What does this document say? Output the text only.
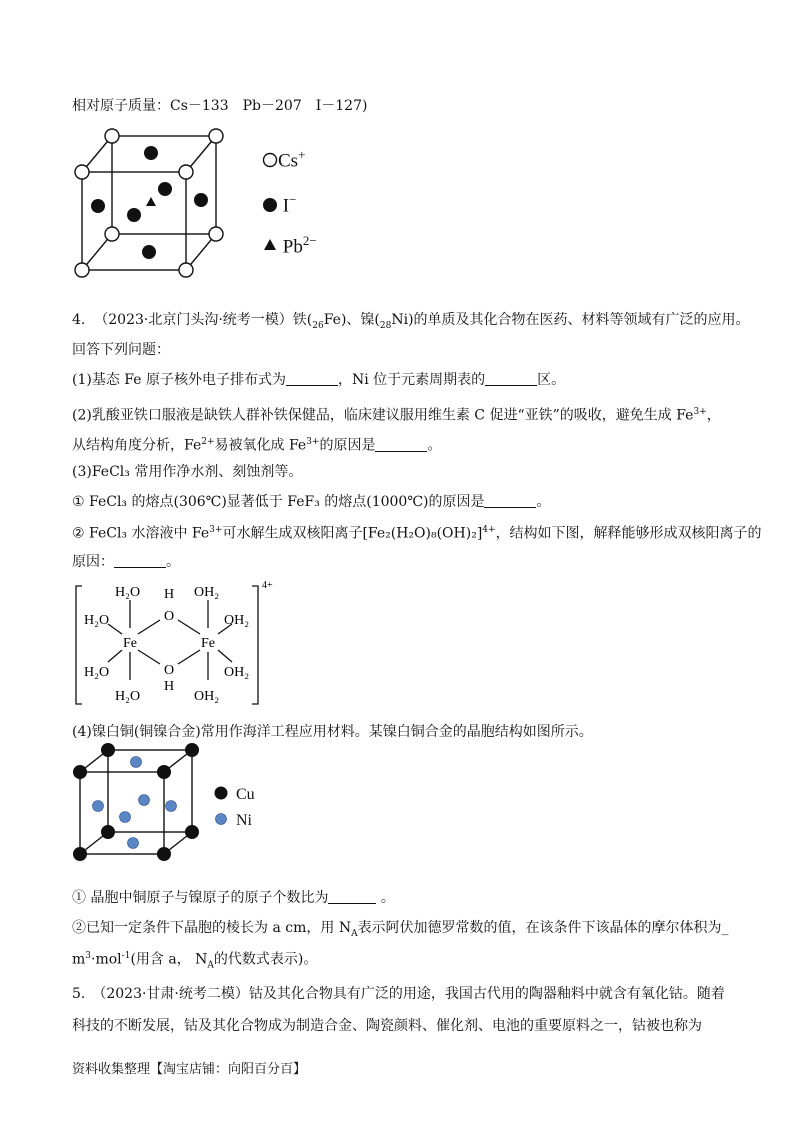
相对原子质量：Cs－133　Pb－207　I－127)
Cs+
I−
$Pb^{2-}$
4. （2023·北京门头沟·统考一模）铁$(_{26}Fe)$、镍$(_{28}Ni)$的单质及其化合物在医药、材料等领域有广泛的应用。
回答下列问题：
(1)基态 Fe 原子核外电子排布式为	，Ni 位于元素周期表的	区。
(2)乳酸亚铁口服液是缺铁人群补铁保健品，临床建议服用维生素 C 促进“亚铁”的吸收，避免生成 $Fe^{3+}$，
从结构角度分析，$Fe^{2+}$易被氧化成 $Fe^{3+}$的原因是	。
(3)FeCl₃ 常用作净水剂、刻蚀剂等。
① FeCl₃ 的熔点(306℃)显著低于 FeF₃ 的熔点(1000℃)的原因是	。
② FeCl₃ 水溶液中 $Fe^{3+}$可水解生成双核阳离子$[Fe_2(H_2O)_8(OH)_2]^{4+}$，结构如下图，解释能够形成双核阳离子的
原因：	。
H₂O
H₂O
H₂O
H₂O
OH₂
OH₂
OH₂
OH₂
H
O
O
H
Fe	Fe
4+
(4)镍白铜(铜镍合金)常用作海洋工程应用材料。某镍白铜合金的晶胞结构如图所示。
Cu
Ni
① 晶胞中铜原子与镍原子的原子个数比为	。
②已知一定条件下晶胞的棱长为 a cm，用 $N_A$表示阿伏加德罗常数的值，在该条件下该晶体的摩尔体积为_
$m^3\cdot mol^{-1}$(用含 a， $N_A$的代数式表示)。
5.　（2023·甘肃·统考二模）钴及其化合物具有广泛的用途，我国古代用的陶器釉料中就含有氧化钴。随着
科技的不断发展，钴及其化合物成为制造合金、陶瓷颜料、催化剂、电池的重要原料之一，钴被也称为
资料收集整理【淘宝店铺：向阳百分百】
